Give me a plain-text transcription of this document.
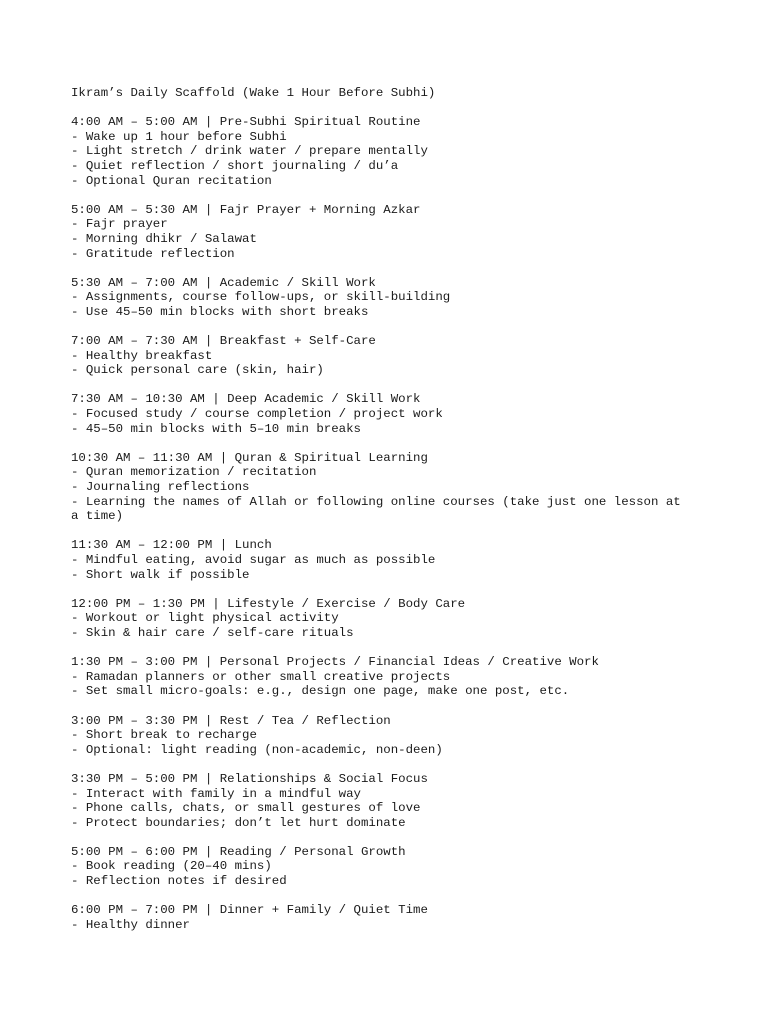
Ikram’s Daily Scaffold (Wake 1 Hour Before Subhi)
4:00 AM – 5:00 AM | Pre-Subhi Spiritual Routine
- Wake up 1 hour before Subhi
- Light stretch / drink water / prepare mentally
- Quiet reflection / short journaling / du’a
- Optional Quran recitation
5:00 AM – 5:30 AM | Fajr Prayer + Morning Azkar
- Fajr prayer
- Morning dhikr / Salawat
- Gratitude reflection
5:30 AM – 7:00 AM | Academic / Skill Work
- Assignments, course follow-ups, or skill-building
- Use 45–50 min blocks with short breaks
7:00 AM – 7:30 AM | Breakfast + Self-Care
- Healthy breakfast
- Quick personal care (skin, hair)
7:30 AM – 10:30 AM | Deep Academic / Skill Work
- Focused study / course completion / project work
- 45–50 min blocks with 5–10 min breaks
10:30 AM – 11:30 AM | Quran & Spiritual Learning
- Quran memorization / recitation
- Journaling reflections
- Learning the names of Allah or following online courses (take just one lesson at
a time)
11:30 AM – 12:00 PM | Lunch
- Mindful eating, avoid sugar as much as possible
- Short walk if possible
12:00 PM – 1:30 PM | Lifestyle / Exercise / Body Care
- Workout or light physical activity
- Skin & hair care / self-care rituals
1:30 PM – 3:00 PM | Personal Projects / Financial Ideas / Creative Work
- Ramadan planners or other small creative projects
- Set small micro-goals: e.g., design one page, make one post, etc.
3:00 PM – 3:30 PM | Rest / Tea / Reflection
- Short break to recharge
- Optional: light reading (non-academic, non-deen)
3:30 PM – 5:00 PM | Relationships & Social Focus
- Interact with family in a mindful way
- Phone calls, chats, or small gestures of love
- Protect boundaries; don’t let hurt dominate
5:00 PM – 6:00 PM | Reading / Personal Growth
- Book reading (20–40 mins)
- Reflection notes if desired
6:00 PM – 7:00 PM | Dinner + Family / Quiet Time
- Healthy dinner
